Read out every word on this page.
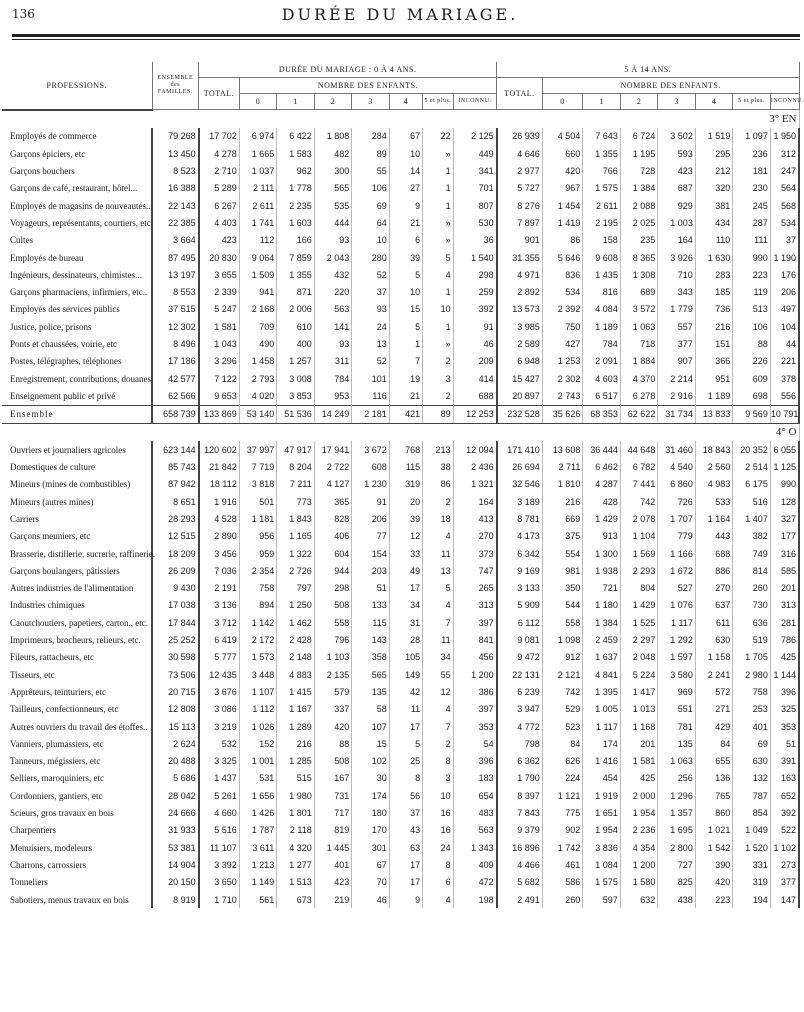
136	DURÉE DU MARIAGE.
PROFESSIONS.	ENSEMBLE des FAMILLES.	DURÉE DU MARIAGE : 0 À 4 ANS.								5 À 14 ANS.							
		TOTAL.	NOMBRE DES ENFANTS.							TOTAL.	NOMBRE DES ENFANTS.						
			0	1	2	3	4	5 et plus.	INCONNU.		0	1	2	3	4	5 et plus.	INCONNU.
3° EN																	
Employés de commerce	79 268	17 702	6 974	6 422	1 808	284	67	22	2 125	26 939	4 504	7 643	6 724	3 502	1 519	1 097	1 950
Garçons épiciers, etc	13 450	4 278	1 665	1 583	482	89	10	»	449	4 646	660	1 355	1 195	593	295	236	312
Garçons bouchers	8 523	2 710	1 037	962	300	55	14	1	341	2 977	420	766	728	423	212	181	247
Garçons de café, restaurant, hôtel...	16 388	5 289	2 111	1 778	565	106	27	1	701	5 727	967	1 575	1 384	687	320	230	564
Employés de magasins de nouveautés..	22 143	6 267	2 611	2 235	535	69	9	1	807	8 276	1 454	2 611	2 088	929	381	245	568
Voyageurs, représentants, courtiers, etc.	22 385	4 403	1 741	1 603	444	64	21	»	530	7 897	1 419	2 195	2 025	1 003	434	287	534
Cultes	3 664	423	112	166	93	10	6	»	36	901	86	158	235	164	110	111	37
Employés de bureau	87 495	20 830	9 064	7 859	2 043	280	39	5	1 540	31 355	5 646	9 608	8 365	3 926	1 630	990	1 190
Ingénieurs, dessinateurs, chimistes...	13 197	3 655	1 509	1 355	432	52	5	4	298	4 971	836	1 435	1 308	710	283	223	176
Garçons pharmaciens, infirmiers, etc..	8 553	2 339	941	871	220	37	10	1	259	2 892	534	816	689	343	185	119	206
Employés des services publics	37 515	5 247	2 168	2 006	563	93	15	10	392	13 573	2 392	4 084	3 572	1 779	736	513	497
Justice, police, prisons	12 302	1 581	709	610	141	24	5	1	91	3 985	750	1 189	1 063	557	216	106	104
Ponts et chaussées, voirie, etc	8 496	1 043	490	400	93	13	1	»	46	2 589	427	784	718	377	151	88	44
Postes, télégraphes, téléphones	17 186	3 296	1 458	1 257	311	52	7	2	209	6 948	1 253	2 091	1 884	907	366	226	221
Enregistrement, contributions, douanes	42 577	7 122	2 793	3 008	784	101	19	3	414	15 427	2 302	4 603	4 370	2 214	951	609	378
Enseignement public et privé	62 566	9 653	4 020	3 853	953	116	21	2	688	20 897	2 743	6 517	6 278	2 916	1 189	698	556
Ensemble	658 739	133 869	53 140	51 536	14 249	2 181	421	89	12 253	232 528	35 626	68 353	62 622	31 734	13 833	9 569	10 791
4° O																	
Ouvriers et journaliers agricoles	623 144	120 602	37 997	47 917	17 941	3 672	768	213	12 094	171 410	13 608	36 444	44 648	31 460	18 843	20 352	6 055
Domestiques de culture	85 743	21 842	7 719	8 204	2 722	608	115	38	2 436	26 694	2 711	6 462	6 782	4 540	2 560	2 514	1 125
Mineurs (mines de combustibles)	87 942	18 112	3 818	7 211	4 127	1 230	319	86	1 321	32 546	1 810	4 287	7 441	6 860	4 983	6 175	990
Mineurs (autres mines)	8 651	1 916	501	773	365	91	20	2	164	3 189	216	428	742	726	533	516	128
Carriers	28 293	4 528	1 181	1 843	828	206	39	18	413	8 781	669	1 429	2 078	1 707	1 164	1 407	327
Garçons meuniers, etc	12 515	2 890	956	1 165	406	77	12	4	270	4 173	375	913	1 104	779	443	382	177
Brasserie, distillerie, sucrerie, raffinerie.	18 209	3 456	959	1 322	604	154	33	11	373	6 342	554	1 300	1 569	1 166	688	749	316
Garçons boulangers, pâtissiers	26 209	7 036	2 354	2 726	944	203	49	13	747	9 169	981	1 938	2 293	1 672	886	814	585
Autres industries de l'alimentation	9 430	2 191	758	797	298	51	17	5	265	3 133	350	721	804	527	270	260	201
Industries chimiques	17 038	3 136	894	1 250	508	133	34	4	313	5 909	544	1 180	1 429	1 076	637	730	313
Caoutchoutiers, papetiers, carton., etc.	17 844	3 712	1 142	1 462	558	115	31	7	397	6 112	558	1 384	1 525	1 117	611	636	281
Imprimeurs, brocheurs, relieurs, etc.	25 252	6 419	2 172	2 428	796	143	28	11	841	9 081	1 098	2 459	2 297	1 292	630	519	786
Fileurs, rattacheurs, etc	30 598	5 777	1 573	2 148	1 103	358	105	34	456	9 472	912	1 637	2 048	1 597	1 158	1 705	425
Tisseurs, etc	73 506	12 435	3 448	4 883	2 135	565	149	55	1 200	22 131	2 121	4 841	5 224	3 580	2 241	2 980	1 144
Apprêteurs, teinturiers, etc	20 715	3 676	1 107	1 415	579	135	42	12	386	6 239	742	1 395	1 417	969	572	758	396
Tailleurs, confectionneurs, etc	12 808	3 086	1 112	1 167	337	58	11	4	397	3 947	529	1 005	1 013	551	271	253	325
Autres ouvriers du travail des étoffes..	15 113	3 219	1 026	1 289	420	107	17	7	353	4 772	523	1 117	1 168	781	429	401	353
Vanniers, plumassiers, etc	2 624	532	152	216	88	15	5	2	54	798	84	174	201	135	84	69	51
Tanneurs, mégissiers, etc	20 488	3 325	1 001	1 285	508	102	25	8	396	6 362	626	1 416	1 581	1 063	655	630	391
Selliers, maroquiniers, etc	5 686	1 437	531	515	167	30	8	3	183	1 790	224	454	425	256	136	132	163
Cordonniers, gantiers, etc	28 042	5 261	1 656	1 980	731	174	56	10	654	8 397	1 121	1 919	2 000	1 296	765	787	652
Scieurs, gros travaux en bois	24 666	4 660	1 426	1 801	717	180	37	16	483	7 843	775	1 651	1 954	1 357	860	854	392
Charpentiers	31 933	5 516	1 787	2 118	819	170	43	16	563	9 379	902	1 954	2 236	1 695	1 021	1 049	522
Menuisiers, modeleurs	53 381	11 107	3 611	4 320	1 445	301	63	24	1 343	16 896	1 742	3 836	4 354	2 800	1 542	1 520	1 102
Charrons, carrossiers	14 904	3 392	1 213	1 277	401	67	17	8	409	4 466	461	1 084	1 200	727	390	331	273
Tonneliers	20 150	3 650	1 149	1 513	423	70	17	6	472	5 682	586	1 575	1 580	825	420	319	377
Sabotiers, menus travaux en bois	8 919	1 710	561	673	219	46	9	4	198	2 491	260	597	632	438	223	194	147
